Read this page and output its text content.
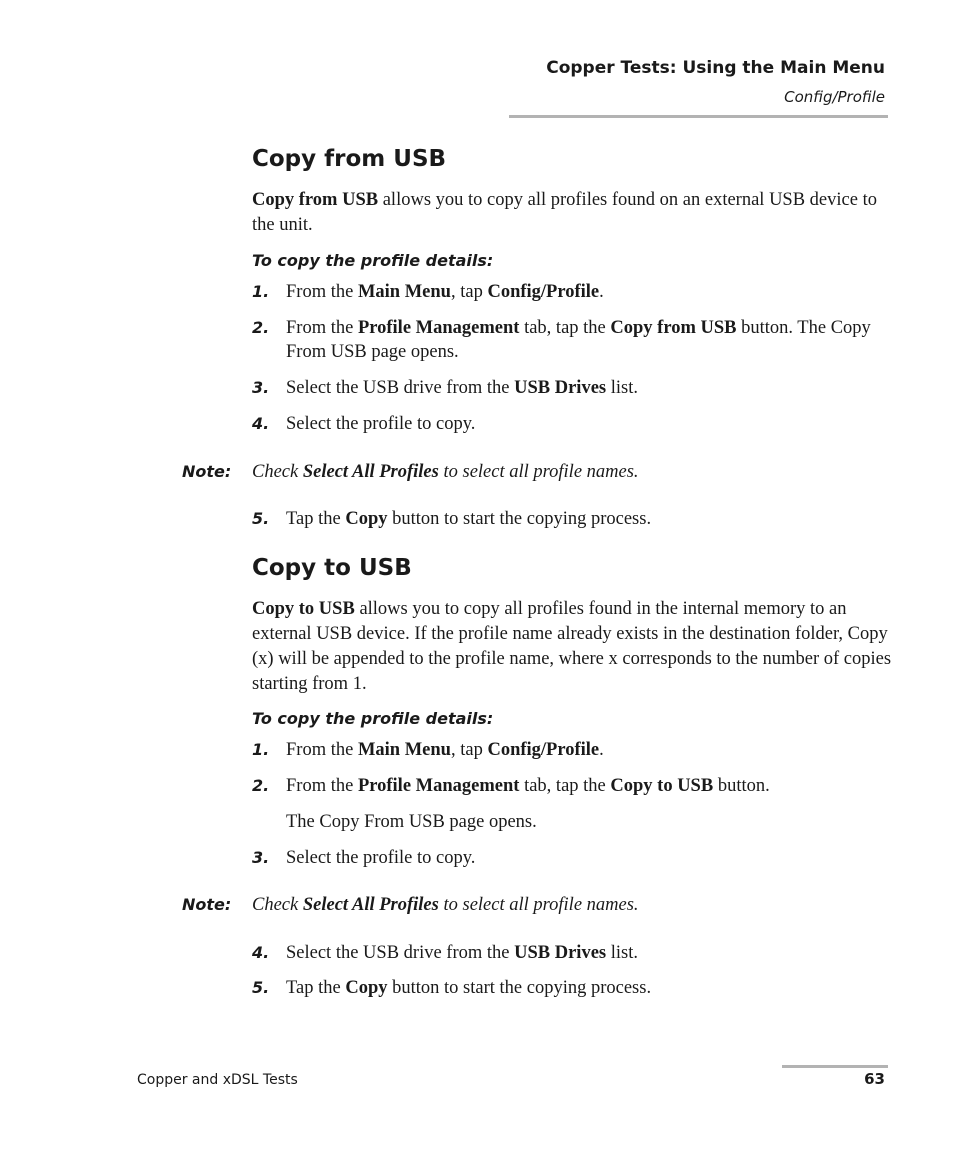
Copper Tests: Using the Main Menu
Config/Profile
Copy from USB
Copy from USB allows you to copy all profiles found on an external USB device to the unit.
To copy the profile details:
1. From the Main Menu, tap Config/Profile.
2. From the Profile Management tab, tap the Copy from USB button. The Copy From USB page opens.
3. Select the USB drive from the USB Drives list.
4. Select the profile to copy.
Note: Check Select All Profiles to select all profile names.
5. Tap the Copy button to start the copying process.
Copy to USB
Copy to USB allows you to copy all profiles found in the internal memory to an external USB device. If the profile name already exists in the destination folder, Copy (x) will be appended to the profile name, where x corresponds to the number of copies starting from 1.
To copy the profile details:
1. From the Main Menu, tap Config/Profile.
2. From the Profile Management tab, tap the Copy to USB button.
The Copy From USB page opens.
3. Select the profile to copy.
Note: Check Select All Profiles to select all profile names.
4. Select the USB drive from the USB Drives list.
5. Tap the Copy button to start the copying process.
Copper and xDSL Tests	63
